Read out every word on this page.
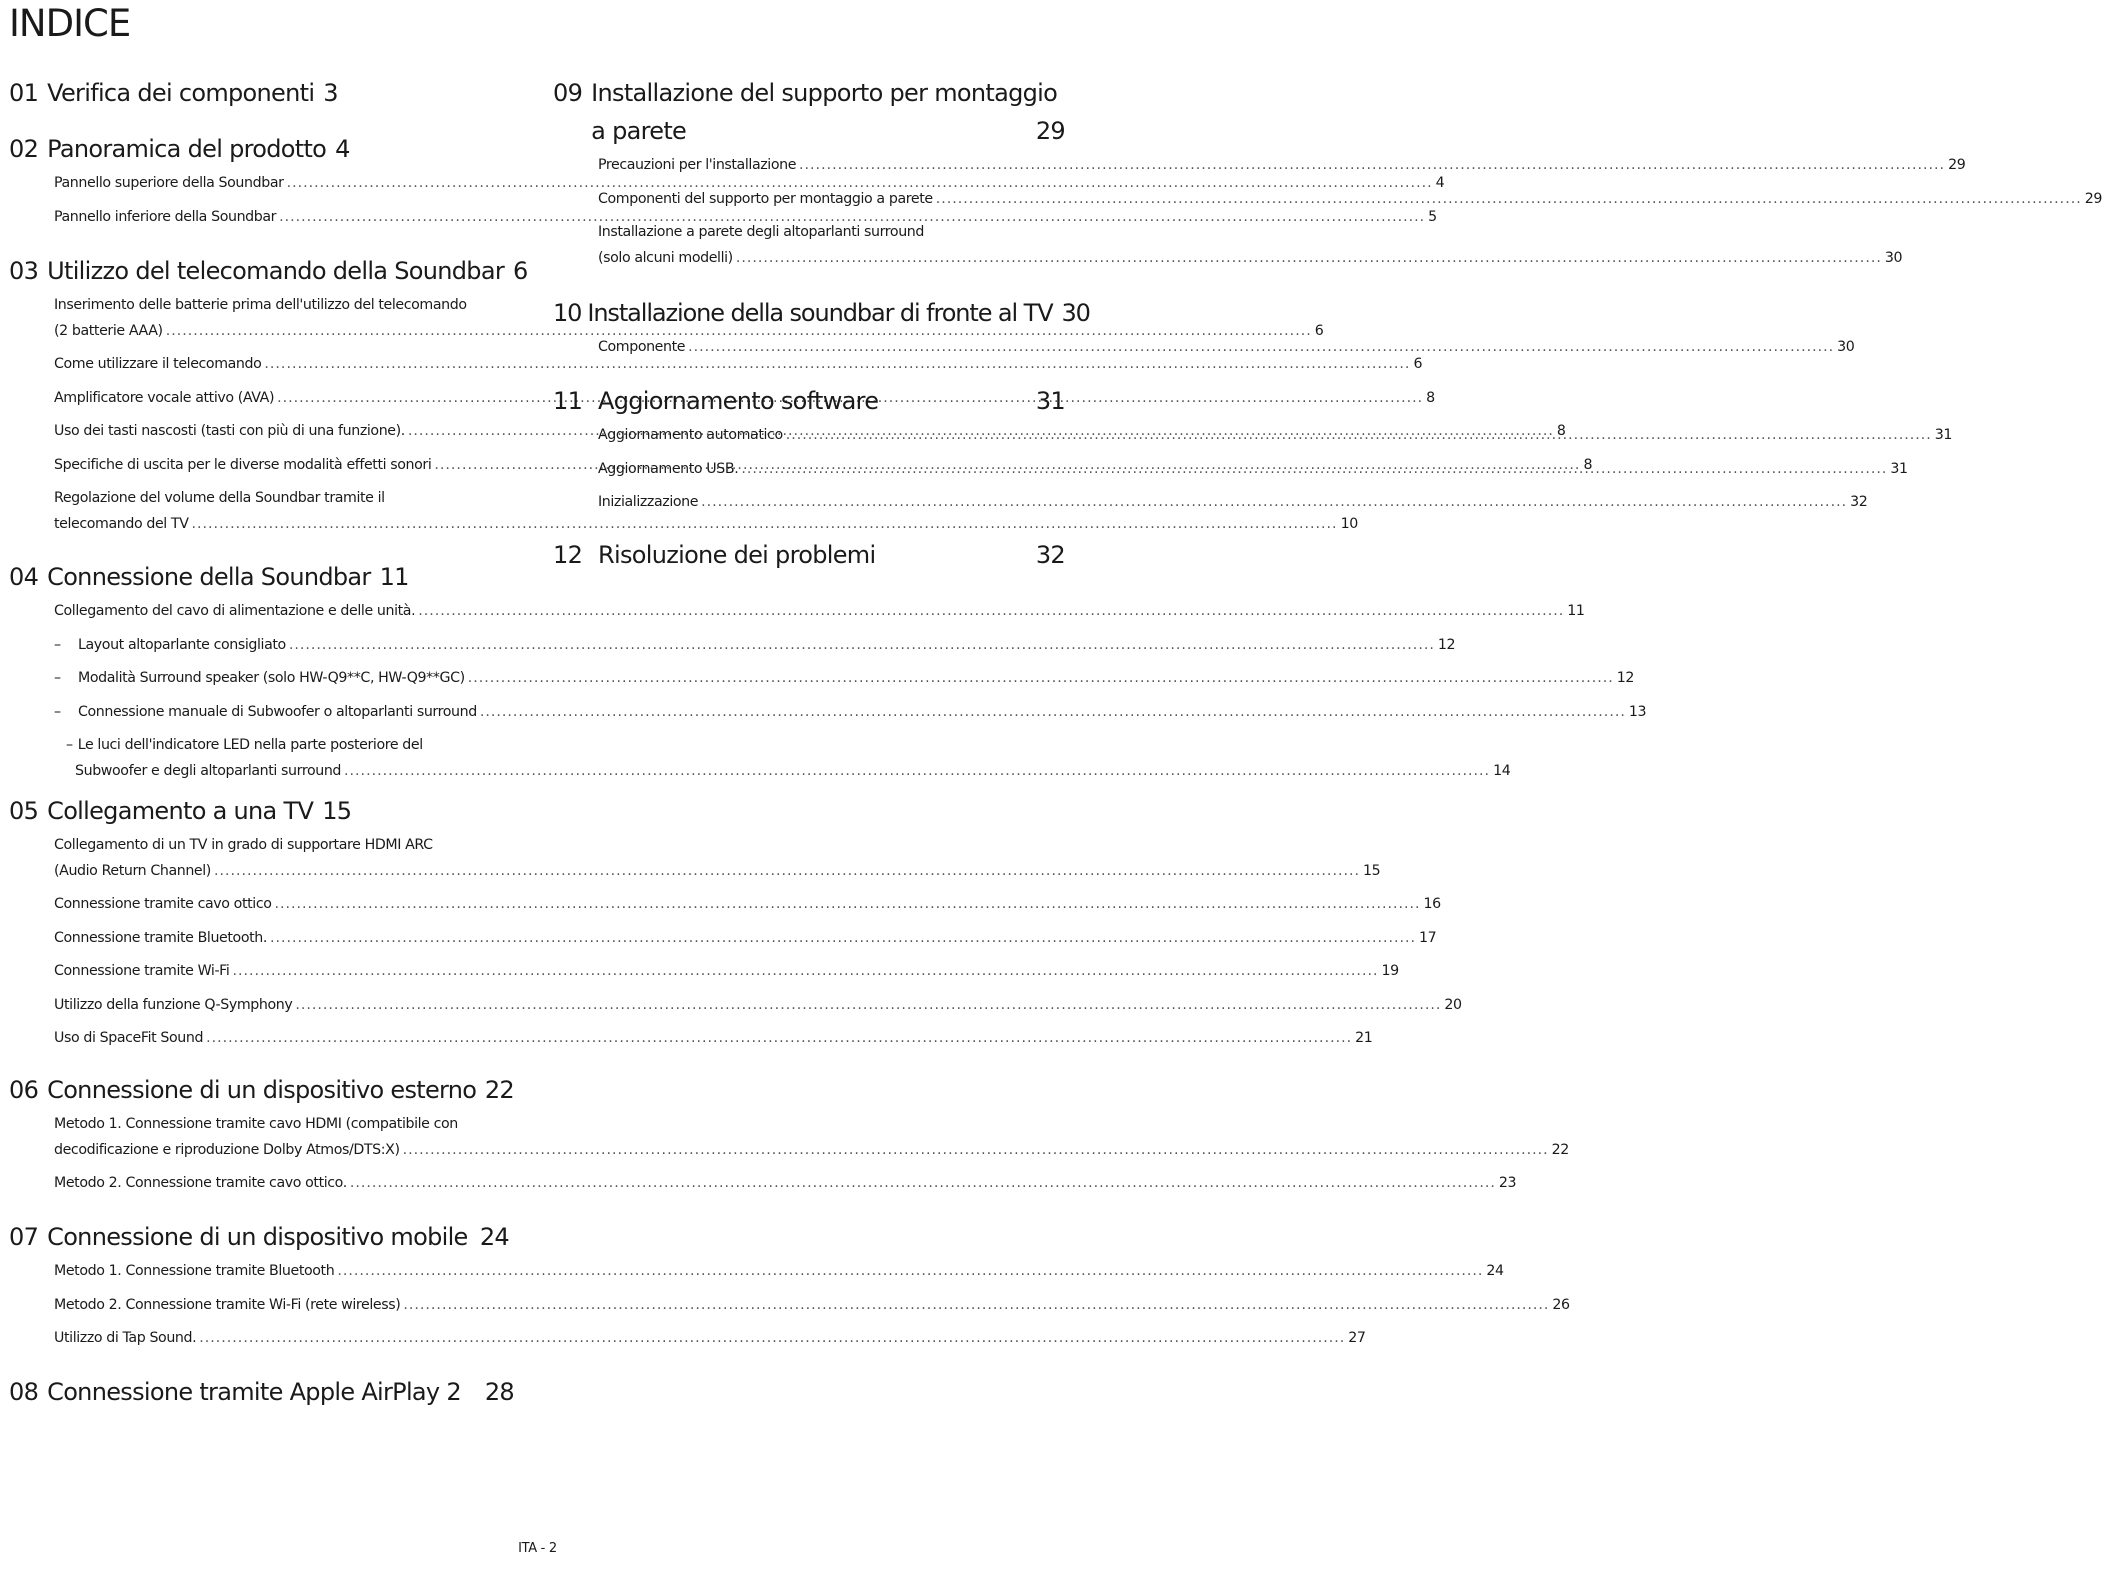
INDICE
01 Verifica dei componenti 3
02 Panoramica del prodotto 4
Pannello superiore della Soundbar .....	4
Pannello inferiore della Soundbar .....	5
03 Utilizzo del telecomando della Soundbar 6
Inserimento delle batterie prima dell'utilizzo del telecomando
(2 batterie AAA) .....	6
Come utilizzare il telecomando .....	6
Amplificatore vocale attivo (AVA) .....	8
Uso dei tasti nascosti (tasti con più di una funzione). .....	8
Specifiche di uscita per le diverse modalità effetti sonori .....	8
Regolazione del volume della Soundbar tramite il
telecomando del TV .....	10
04 Connessione della Soundbar 11
Collegamento del cavo di alimentazione e delle unità. .....	11
–	Layout altoparlante consigliato .....	12
–	Modalità Surround speaker (solo HW-Q9**C, HW-Q9**GC) .....	12
–	Connessione manuale di Subwoofer o altoparlanti surround .....	13
– Le luci dell'indicatore LED nella parte posteriore del
Subwoofer e degli altoparlanti surround .....	14
05 Collegamento a una TV 15
Collegamento di un TV in grado di supportare HDMI ARC
(Audio Return Channel) .....	15
Connessione tramite cavo ottico .....	16
Connessione tramite Bluetooth. .....	17
Connessione tramite Wi-Fi .....	19
Utilizzo della funzione Q-Symphony .....	20
Uso di SpaceFit Sound .....	21
06 Connessione di un dispositivo esterno 22
Metodo 1. Connessione tramite cavo HDMI (compatibile con
decodificazione e riproduzione Dolby Atmos/DTS:X) .....	22
Metodo 2. Connessione tramite cavo ottico. .....	23
07 Connessione di un dispositivo mobile 24
Metodo 1. Connessione tramite Bluetooth .....	24
Metodo 2. Connessione tramite Wi-Fi (rete wireless) .....	26
Utilizzo di Tap Sound. .....	27
08 Connessione tramite Apple AirPlay 2 28
09 Installazione del supporto per montaggio a parete	29
Precauzioni per l'installazione .....	29
Componenti del supporto per montaggio a parete .....	29
Installazione a parete degli altoparlanti surround
(solo alcuni modelli) .....	30
10 Installazione della soundbar di fronte al TV 30
Componente .....	30
11 Aggiornamento software	31
Aggiornamento automatico .....	31
Aggiornamento USB. .....	31
Inizializzazione .....	32
12 Risoluzione dei problemi	32
ITA - 2
